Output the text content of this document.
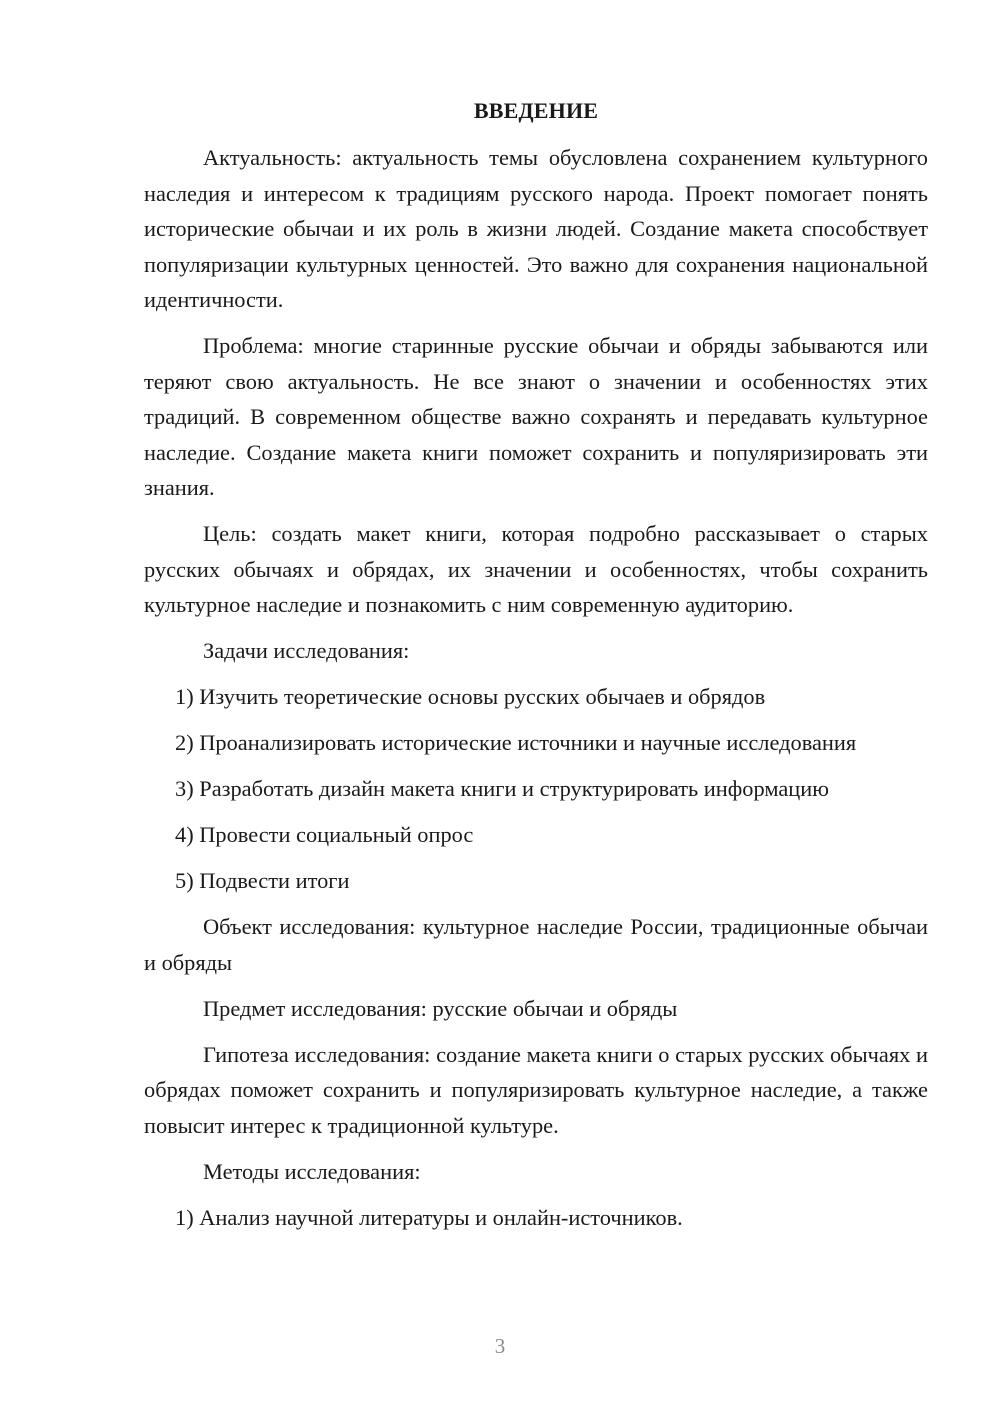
ВВЕДЕНИЕ

Актуальность: актуальность темы обусловлена сохранением культурного наследия и интересом к традициям русского народа. Проект помогает понять исторические обычаи и их роль в жизни людей. Создание макета способствует популяризации культурных ценностей. Это важно для сохранения национальной идентичности.

Проблема: многие старинные русские обычаи и обряды забываются или теряют свою актуальность. Не все знают о значении и особенностях этих традиций. В современном обществе важно сохранять и передавать культурное наследие. Создание макета книги поможет сохранить и популяризировать эти знания.

Цель: создать макет книги, которая подробно рассказывает о старых русских обычаях и обрядах, их значении и особенностях, чтобы сохранить культурное наследие и познакомить с ним современную аудиторию.

Задачи исследования:

1) Изучить теоретические основы русских обычаев и обрядов

2) Проанализировать исторические источники и научные исследования

3) Разработать дизайн макета книги и структурировать информацию

4) Провести социальный опрос

5) Подвести итоги

Объект исследования: культурное наследие России, традиционные обычаи и обряды

Предмет исследования: русские обычаи и обряды

Гипотеза исследования: создание макета книги о старых русских обычаях и обрядах поможет сохранить и популяризировать культурное наследие, а также повысит интерес к традиционной культуре.

Методы исследования:

1) Анализ научной литературы и онлайн-источников.

3
